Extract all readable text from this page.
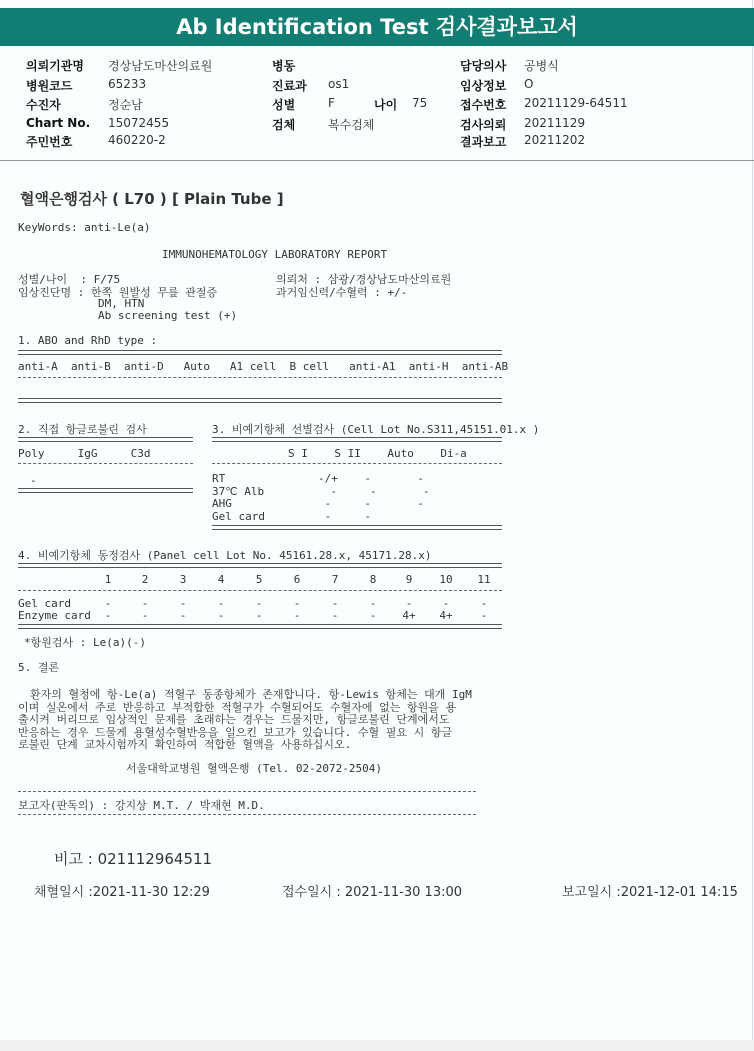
Ab Identification Test 검사결과보고서
의뢰기관명 경상남도마산의료원
병원코드	65233
수진자	정순남
Chart No. 15072455
주민번호	460220-2
병동
진료과 os1
성별	F	나이 75
검체	복수검체
담당의사 공병식
임상정보 O
접수번호 20211129-64511
검사의뢰 20211129
결과보고 20211202
혈액은행검사 ( L70 ) [ Plain Tube ]
KeyWords: anti-Le(a)
IMMUNOHEMATOLOGY LABORATORY REPORT
성별/나이  : F/75
임상진단명 : 한쪽 원발성 무릎 관절증
DM, HTN
Ab screening test (+)
의뢰처 : 삼광/경상남도마산의료원
과거임신력/수혈력 : +/-
1. ABO and RhD type :
anti-A  anti-B  anti-D   Auto   A1 cell  B cell   anti-A1  anti-H  anti-AB
2. 직접 항글로불린 검사
Poly     IgG     C3d
-
3. 비예기항체 선별검사 (Cell Lot No.S311,45151.01.x )
S I    S II    Auto    Di-a
RT              -/+    -       -
37℃ Alb          -     -       -
AHG              -     -       -
Gel card         -     -
4. 비예기항체 동정검사 (Panel cell Lot No. 45161.28.x, 45171.28.x)
1	2	3	4	5	6	7	8	9	10	11
Gel card	-	-	-	-	-	-	-	-	-	-	-
Enzyme card	-	-	-	-	-	-	-	-	4+	4+	-
*항원검사 : Le(a)(-)
5. 결론
환자의 혈청에 항-Le(a) 적혈구 동종항체가 존재합니다. 항-Lewis 항체는 대개 IgM
이며 실온에서 주로 반응하고 부적합한 적혈구가 수혈되어도 수혈자에 없는 항원을 용
출시켜 버리므로 임상적인 문제를 초래하는 경우는 드물지만, 항글로불린 단계에서도
반응하는 경우 드물게 용혈성수혈반응을 일으킨 보고가 있습니다. 수혈 필요 시 항글
로불린 단계 교차시험까지 확인하여 적합한 혈액을 사용하십시오.
서울대학교병원 혈액은행 (Tel. 02-2072-2504)
보고자(판독의) : 강지상 M.T. / 박재현 M.D.
비고 : 021112964511
채혈일시 :2021-11-30 12:29	접수일시 : 2021-11-30 13:00	보고일시 :2021-12-01 14:15
